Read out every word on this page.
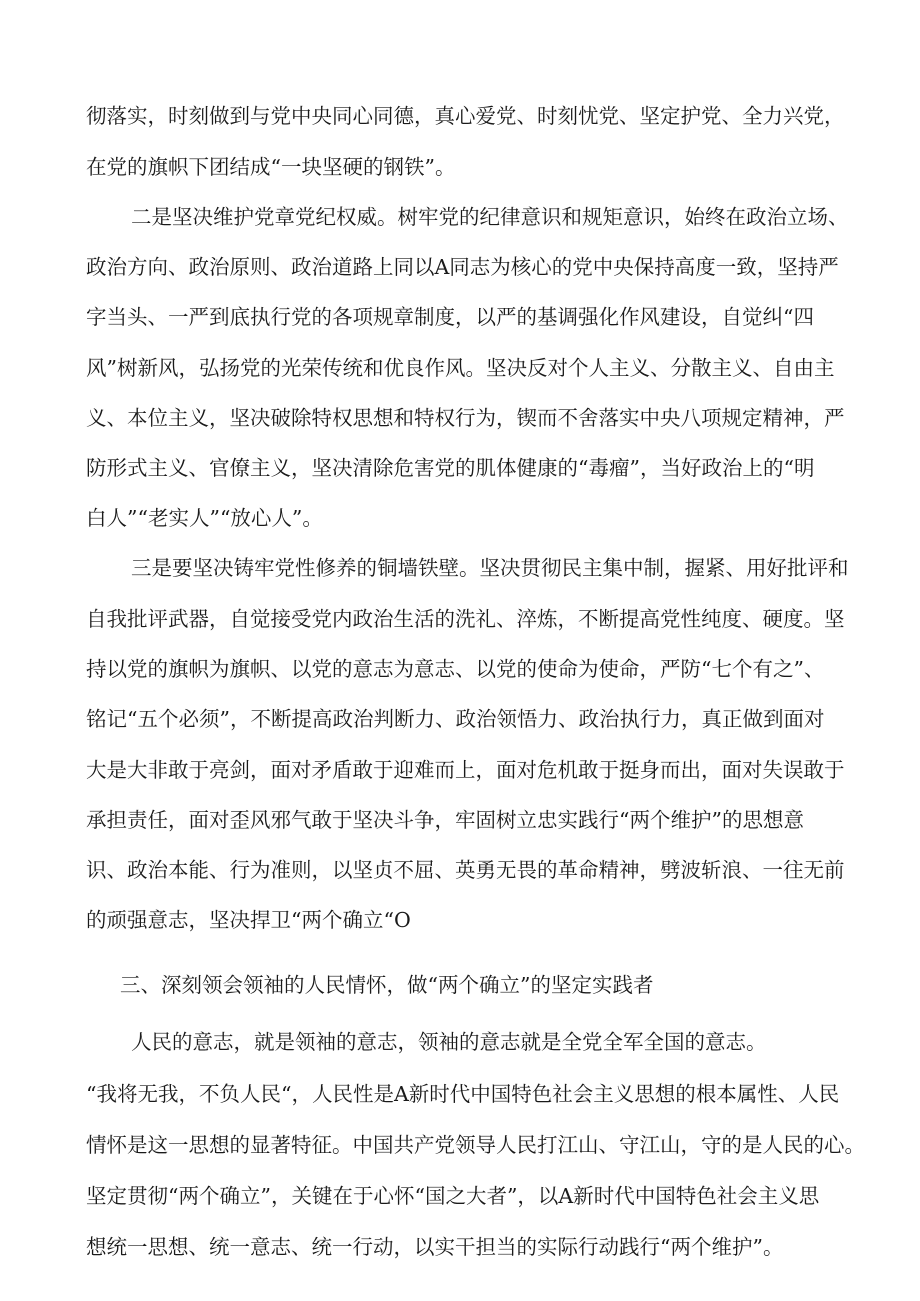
彻落实，时刻做到与党中央同心同德，真心爱党、时刻忧党、坚定护党、全力兴党，

在党的旗帜下团结成“一块坚硬的钢铁”。

二是坚决维护党章党纪权威。树牢党的纪律意识和规矩意识，始终在政治立场、

政治方向、政治原则、政治道路上同以A同志为核心的党中央保持高度一致，坚持严

字当头、一严到底执行党的各项规章制度，以严的基调强化作风建设，自觉纠“四

风”树新风，弘扬党的光荣传统和优良作风。坚决反对个人主义、分散主义、自由主

义、本位主义，坚决破除特权思想和特权行为，锲而不舍落实中央八项规定精神，严

防形式主义、官僚主义，坚决清除危害党的肌体健康的“毒瘤”，当好政治上的“明

白人”“老实人”“放心人”。

三是要坚决铸牢党性修养的铜墙铁壁。坚决贯彻民主集中制，握紧、用好批评和

自我批评武器，自觉接受党内政治生活的洗礼、淬炼，不断提高党性纯度、硬度。坚

持以党的旗帜为旗帜、以党的意志为意志、以党的使命为使命，严防“七个有之”、

铭记“五个必须”，不断提高政治判断力、政治领悟力、政治执行力，真正做到面对

大是大非敢于亮剑，面对矛盾敢于迎难而上，面对危机敢于挺身而出，面对失误敢于

承担责任，面对歪风邪气敢于坚决斗争，牢固树立忠实践行“两个维护”的思想意

识、政治本能、行为准则，以坚贞不屈、英勇无畏的革命精神，劈波斩浪、一往无前

的顽强意志，坚决捍卫“两个确立“O

三、深刻领会领袖的人民情怀，做“两个确立”的坚定实践者

人民的意志，就是领袖的意志，领袖的意志就是全党全军全国的意志。

“我将无我，不负人民“，人民性是A新时代中国特色社会主义思想的根本属性、人民

情怀是这一思想的显著特征。中国共产党领导人民打江山、守江山，守的是人民的心。

坚定贯彻“两个确立”，关键在于心怀“国之大者”，以A新时代中国特色社会主义思

想统一思想、统一意志、统一行动，以实干担当的实际行动践行“两个维护”。
